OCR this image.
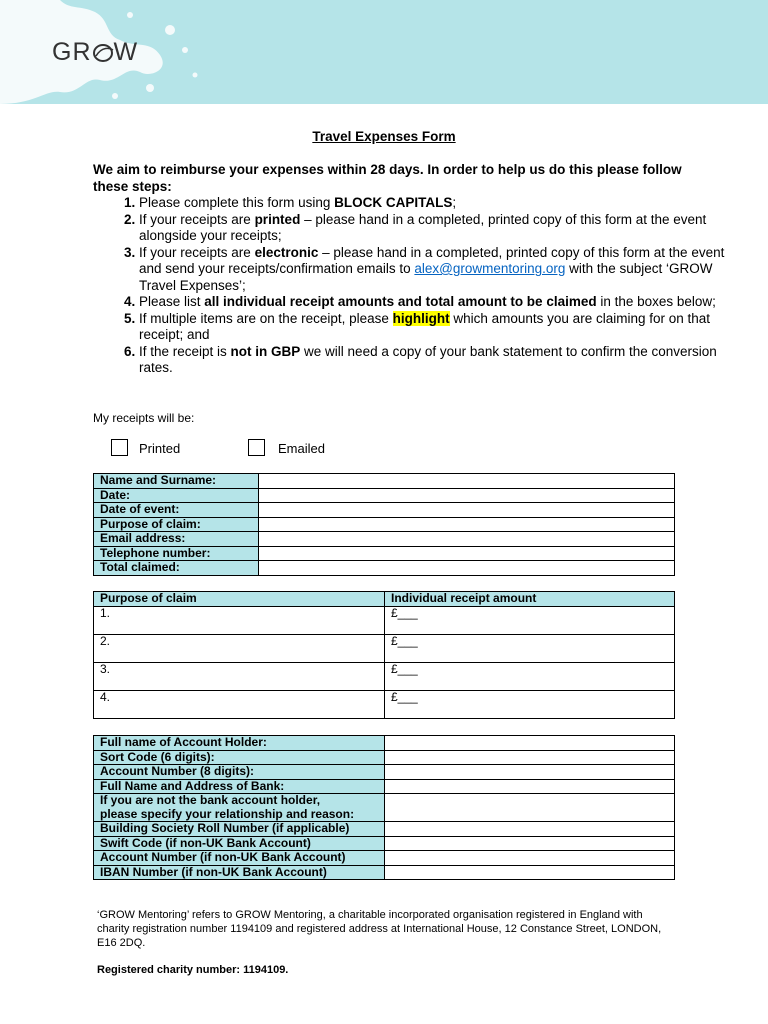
GR W
Travel Expenses Form
We aim to reimburse your expenses within 28 days. In order to help us do this please follow these steps:
1. Please complete this form using BLOCK CAPITALS;
2. If your receipts are printed – please hand in a completed, printed copy of this form at the event alongside your receipts;
3. If your receipts are electronic – please hand in a completed, printed copy of this form at the event and send your receipts/confirmation emails to alex@growmentoring.org with the subject ‘GROW Travel Expenses’;
4. Please list all individual receipt amounts and total amount to be claimed in the boxes below;
5. If multiple items are on the receipt, please highlight which amounts you are claiming for on that receipt; and
6. If the receipt is not in GBP we will need a copy of your bank statement to confirm the conversion rates.
My receipts will be:
Printed	Emailed
Name and Surname:	
Date:	
Date of event:	
Purpose of claim:	
Email address:	
Telephone number:	
Total claimed:	
Purpose of claim	Individual receipt amount
1.	£___
2.	£___
3.	£___
4.	£___
Full name of Account Holder:	
Sort Code (6 digits):	
Account Number (8 digits):	
Full Name and Address of Bank:	

If you are not the bank account holder,
please specify your relationship and reason:	

Building Society Roll Number (if applicable)	
Swift Code (if non-UK Bank Account)	
Account Number (if non-UK Bank Account)	
IBAN Number (if non-UK Bank Account)	
‘GROW Mentoring’ refers to GROW Mentoring, a charitable incorporated organisation registered in England with charity registration number 1194109 and registered address at International House, 12 Constance Street, LONDON, E16 2DQ.
Registered charity number: 1194109.
